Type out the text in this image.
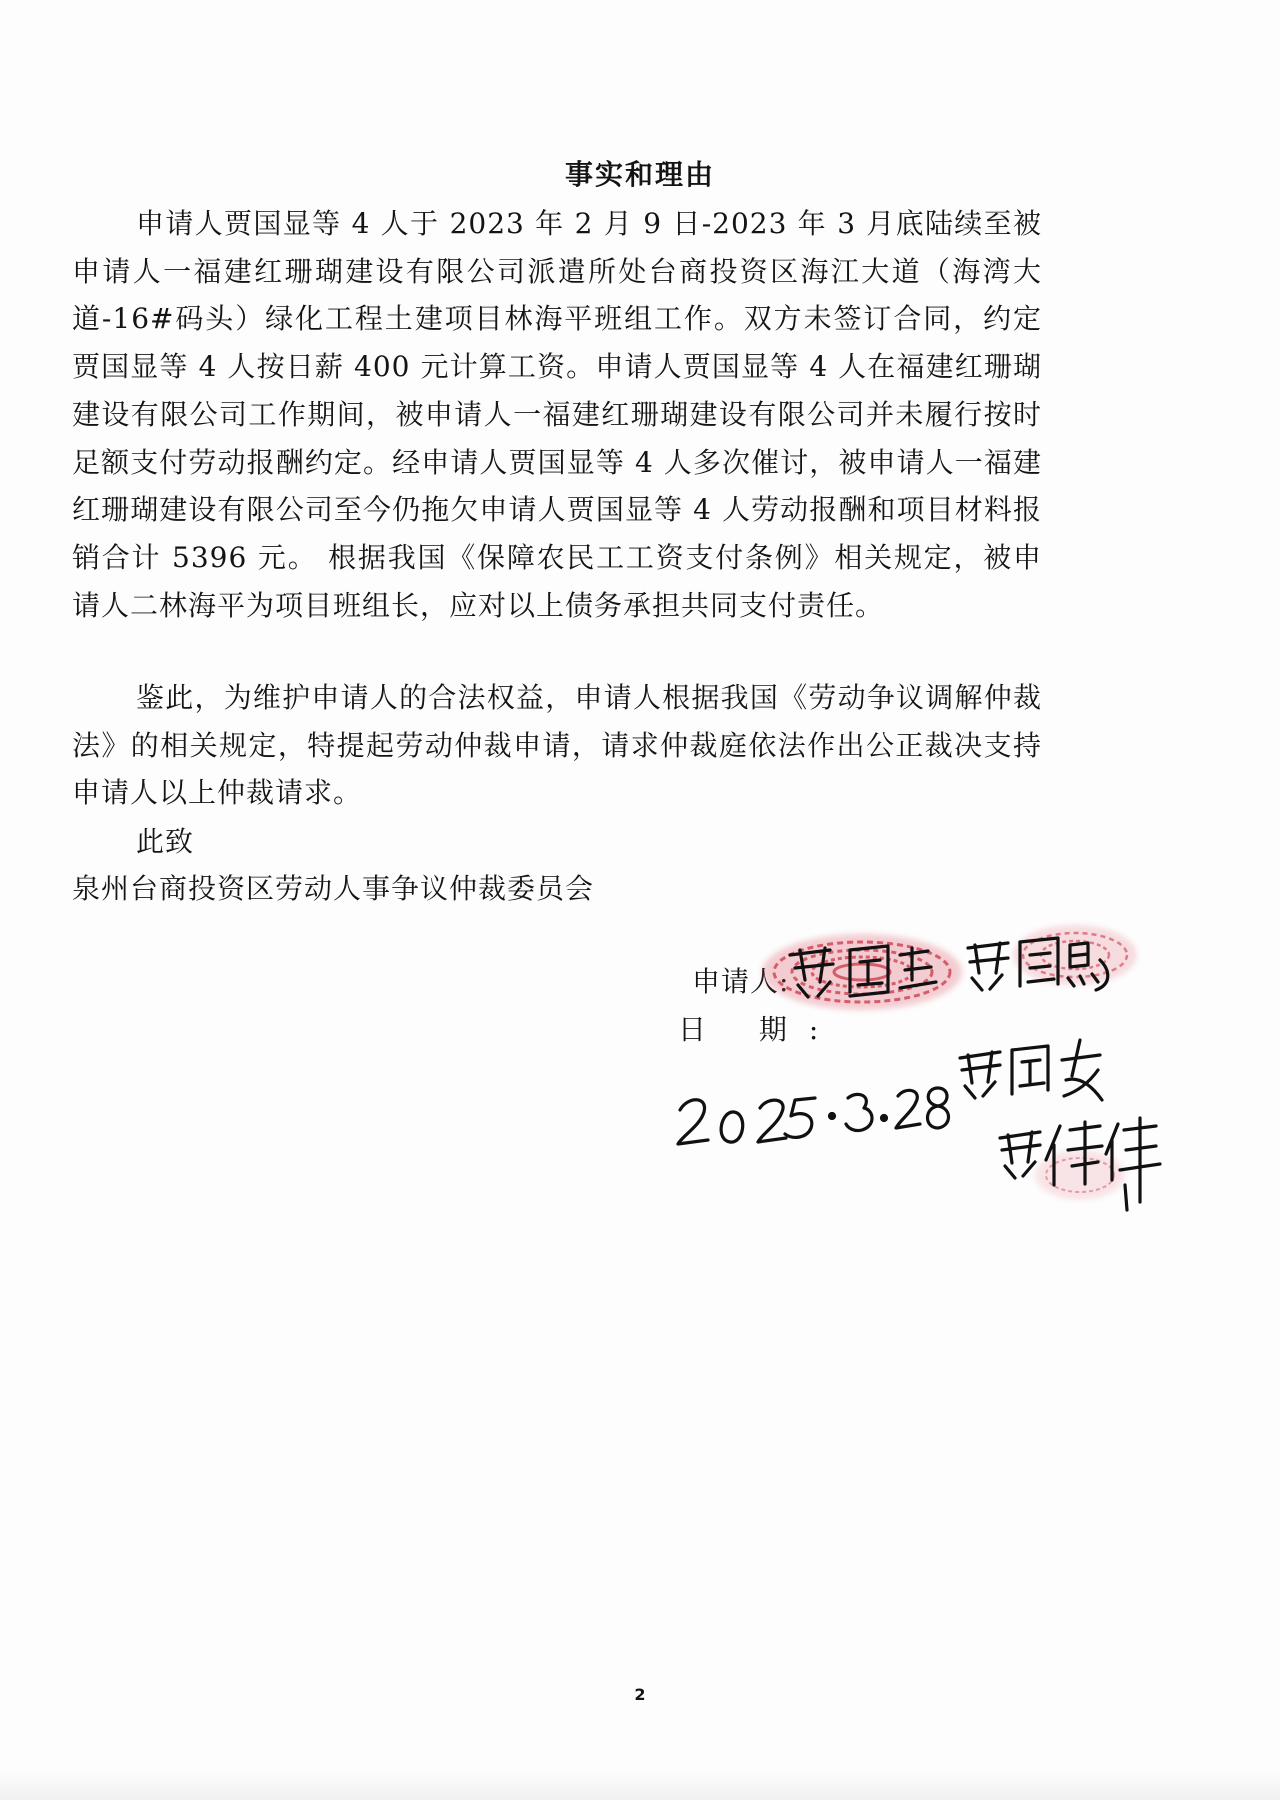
事实和理由

申请人贾国显等 4 人于 2023 年 2 月 9 日-2023 年 3 月底陆续至被申请人一福建红珊瑚建设有限公司派遣所处台商投资区海江大道（海湾大道-16#码头）绿化工程土建项目林海平班组工作。双方未签订合同，约定贾国显等 4 人按日薪 400 元计算工资。申请人贾国显等 4 人在福建红珊瑚建设有限公司工作期间，被申请人一福建红珊瑚建设有限公司并未履行按时足额支付劳动报酬约定。经申请人贾国显等 4 人多次催讨，被申请人一福建红珊瑚建设有限公司至今仍拖欠申请人贾国显等 4 人劳动报酬和项目材料报销合计 5396 元。 根据我国《保障农民工工资支付条例》相关规定，被申请人二林海平为项目班组长，应对以上债务承担共同支付责任。

鉴此，为维护申请人的合法权益，申请人根据我国《劳动争议调解仲裁法》的相关规定，特提起劳动仲裁申请，请求仲裁庭依法作出公正裁决支持申请人以上仲裁请求。

此致
泉州台商投资区劳动人事争议仲裁委员会
申请人:
日 期:
2
